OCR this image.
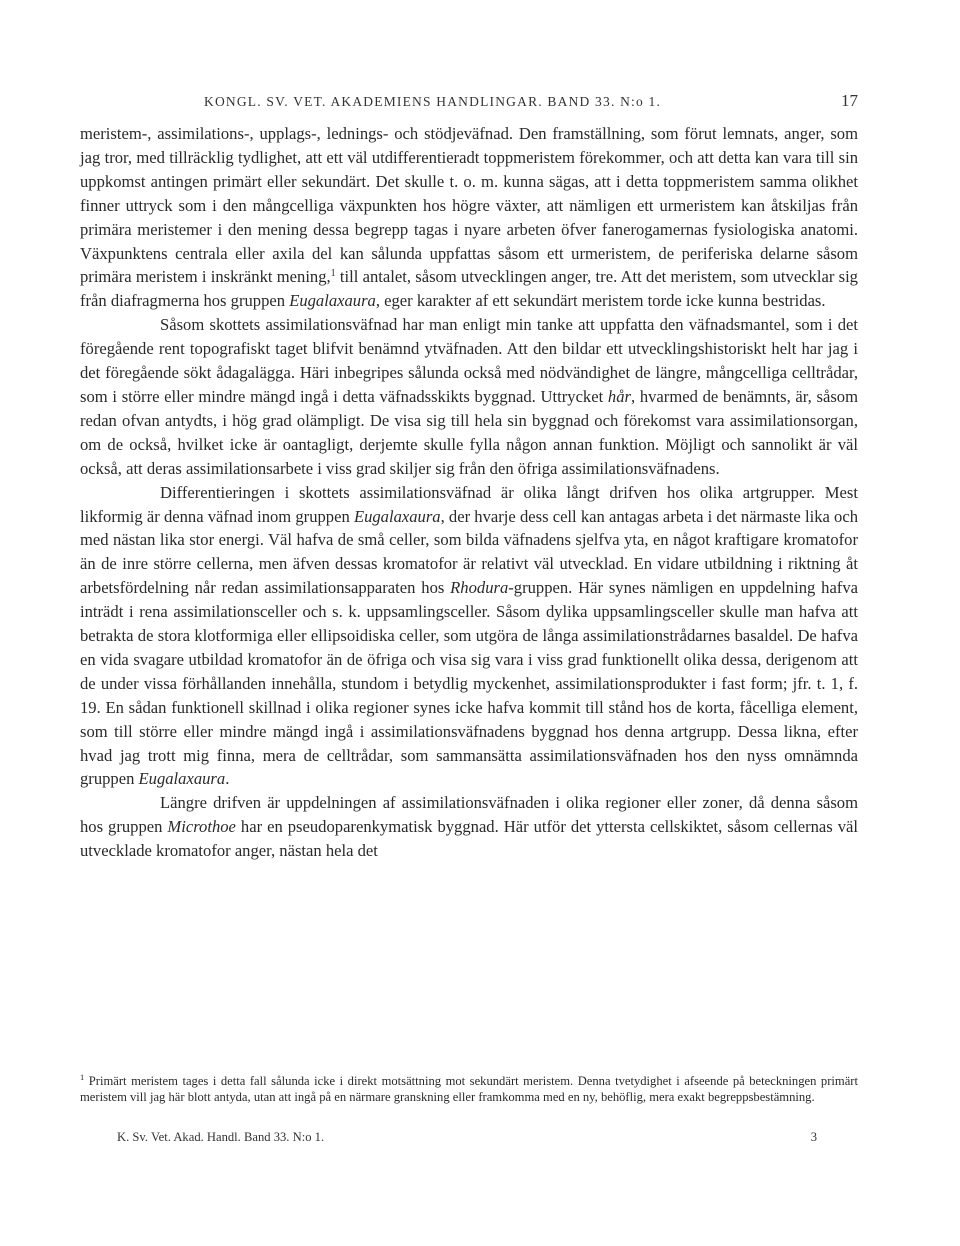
KONGL. SV. VET. AKADEMIENS HANDLINGAR. BAND 33. N:o 1.	17

meristem-, assimilations-, upplags-, lednings- och stödjeväfnad. Den framställning, som förut lemnats, anger, som jag tror, med tillräcklig tydlighet, att ett väl utdifferentieradt toppmeristem förekommer, och att detta kan vara till sin uppkomst antingen primärt eller sekundärt. Det skulle t. o. m. kunna sägas, att i detta toppmeristem samma olikhet finner uttryck som i den mångcelliga växpunkten hos högre växter, att nämligen ett urmeristem kan åtskiljas från primära meristemer i den mening dessa begrepp tagas i nyare arbeten öfver fanerogamernas fysiologiska anatomi. Växpunktens centrala eller axila del kan sålunda uppfattas såsom ett urmeristem, de periferiska delarne såsom primära meristem i inskränkt mening,$^1$ till antalet, såsom utvecklingen anger, tre. Att det meristem, som utvecklar sig från diafragmerna hos gruppen Eugalaxaura, eger karakter af ett sekundärt meristem torde icke kunna bestridas.

Såsom skottets assimilationsväfnad har man enligt min tanke att uppfatta den väfnadsmantel, som i det föregående rent topografiskt taget blifvit benämnd ytväfnaden. Att den bildar ett utvecklingshistoriskt helt har jag i det föregående sökt ådagalägga. Häri inbegripes sålunda också med nödvändighet de längre, mångcelliga celltrådar, som i större eller mindre mängd ingå i detta väfnadsskikts byggnad. Uttrycket hår, hvarmed de benämnts, är, såsom redan ofvan antydts, i hög grad olämpligt. De visa sig till hela sin byggnad och förekomst vara assimilationsorgan, om de också, hvilket icke är oantagligt, derjemte skulle fylla någon annan funktion. Möjligt och sannolikt är väl också, att deras assimilationsarbete i viss grad skiljer sig från den öfriga assimilationsväfnadens.

Differentieringen i skottets assimilationsväfnad är olika långt drifven hos olika artgrupper. Mest likformig är denna väfnad inom gruppen Eugalaxaura, der hvarje dess cell kan antagas arbeta i det närmaste lika och med nästan lika stor energi. Väl hafva de små celler, som bilda väfnadens sjelfva yta, en något kraftigare kromatofor än de inre större cellerna, men äfven dessas kromatofor är relativt väl utvecklad. En vidare utbildning i riktning åt arbetsfördelning når redan assimilationsapparaten hos Rhodura-gruppen. Här synes nämligen en uppdelning hafva inträdt i rena assimilationsceller och s. k. uppsamlingsceller. Såsom dylika uppsamlingsceller skulle man hafva att betrakta de stora klotformiga eller ellipsoidiska celler, som utgöra de långa assimilationstrådarnes basaldel. De hafva en vida svagare utbildad kromatofor än de öfriga och visa sig vara i viss grad funktionellt olika dessa, derigenom att de under vissa förhållanden innehålla, stundom i betydlig myckenhet, assimilationsprodukter i fast form; jfr. t. 1, f. 19. En sådan funktionell skillnad i olika regioner synes icke hafva kommit till stånd hos de korta, fåcelliga element, som till större eller mindre mängd ingå i assimilationsväfnadens byggnad hos denna artgrupp. Dessa likna, efter hvad jag trott mig finna, mera de celltrådar, som sammansätta assimilationsväfnaden hos den nyss omnämnda gruppen Eugalaxaura.

Längre drifven är uppdelningen af assimilationsväfnaden i olika regioner eller zoner, då denna såsom hos gruppen Microthoe har en pseudoparenkymatisk byggnad. Här utför det yttersta cellskiktet, såsom cellernas väl utvecklade kromatofor anger, nästan hela det

$^1$ Primärt meristem tages i detta fall sålunda icke i direkt motsättning mot sekundärt meristem. Denna tvetydighet i afseende på beteckningen primärt meristem vill jag här blott antyda, utan att ingå på en närmare granskning eller framkomma med en ny, behöflig, mera exakt begreppsbestämning.
K. Sv. Vet. Akad. Handl. Band 33. N:o 1.	3
